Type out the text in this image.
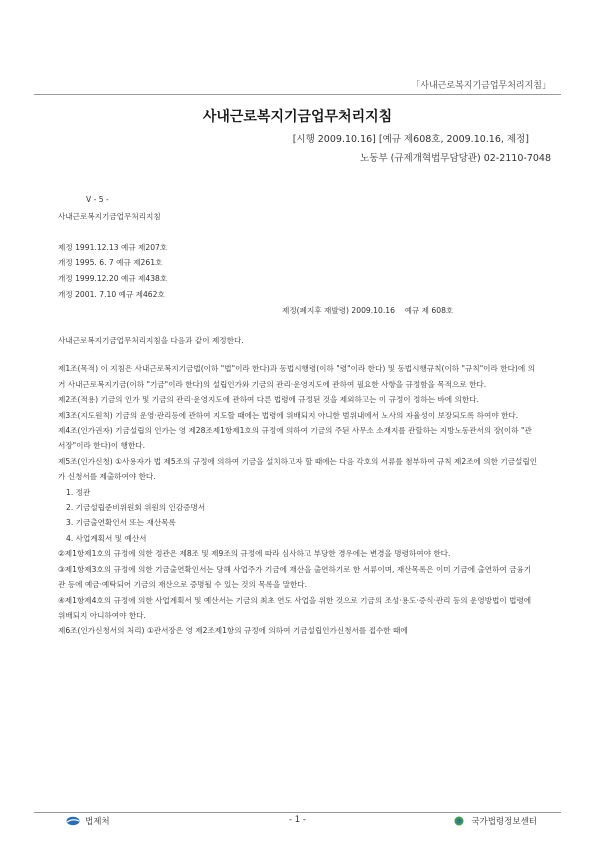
「사내근로복지기금업무처리지침」
사내근로복지기금업무처리지침
[시행 2009.10.16] [예규 제608호, 2009.10.16, 제정]
노동부 (규제개혁법무담당관) 02-2110-7048
V - 5 -
사내근로복지기금업무처리지침
제정 1991.12.13 예규 제207호
개정 1995. 6. 7 예규 제261호
개정 1999.12.20 예규 제438호
개정 2001. 7.10 예규 제462호
제정(폐지후 재발령) 2009.10.16    예규 제 608호

사내근로복지기금업무처리지침을 다음과 같이 제정한다.

제1조(목적) 이 지침은 사내근로복지기금법(이하 "법"이라 한다)과 동법시행령(이하 "령"이라 한다) 및 동법시행규칙(이하 "규칙"이라 한다)에 의거 사내근로복지기금(이하 "기금"이라 한다)의 설립인가와 기금의 관리·운영지도에 관하여 필요한 사항을 규정함을 목적으로 한다.

제2조(적용) 기금의 인가 및 기금의 관리·운영지도에 관하여 다른 법령에 규정된 것을 제외하고는 이 규정이 정하는 바에 의한다.

제3조(지도원칙) 기금의 운영·관리등에 관하여 지도할 때에는 법령에 위배되지 아니한 범위내에서 노사의 자율성이 보장되도록 하여야 한다.

제4조(인가권자) 기금설립의 인가는 영 제28조제1항제1호의 규정에 의하여 기금의 주된 사무소 소재지를 관할하는 지방노동관서의 장(이하 "관서장"이라 한다)이 행한다.

제5조(인가신청) ①사용자가 법 제5조의 규정에 의하여 기금을 설치하고자 할 때에는 다음 각호의 서류를 첨부하여 규칙 제2조에 의한 기금설립인가 신청서를 제출하여야 한다.

1. 정관

2. 기금설립준비위원회 위원의 인감증명서

3. 기금출연확인서 또는 재산목록

4. 사업계획서 및 예산서

②제1항제1호의 규정에 의한 정관은 제8조 및 제9조의 규정에 따라 심사하고 부당한 경우에는 변경을 명령하여야 한다.

③제1항제3호의 규정에 의한 기금출연확인서는 당해 사업주가 기금에 재산을 출연하기로 한 서류이며, 재산목록은 이미 기금에 출연하여 금융기관 등에 예금·예탁되어 기금의 재산으로 증명될 수 있는 것의 목록을 말한다.

④제1항제4호의 규정에 의한 사업계획서 및 예산서는 기금의 최초 연도 사업을 위한 것으로 기금의 조성·용도·증식·관리 등의 운영방법이 법령에 위배되지 아니하여야 한다.

제6조(인가신청서의 처리) ①관서장은 영 제2조제1항의 규정에 의하여 기금설립인가신청서를 접수한 때에

법제처	- 1 -	국가법령정보센터
